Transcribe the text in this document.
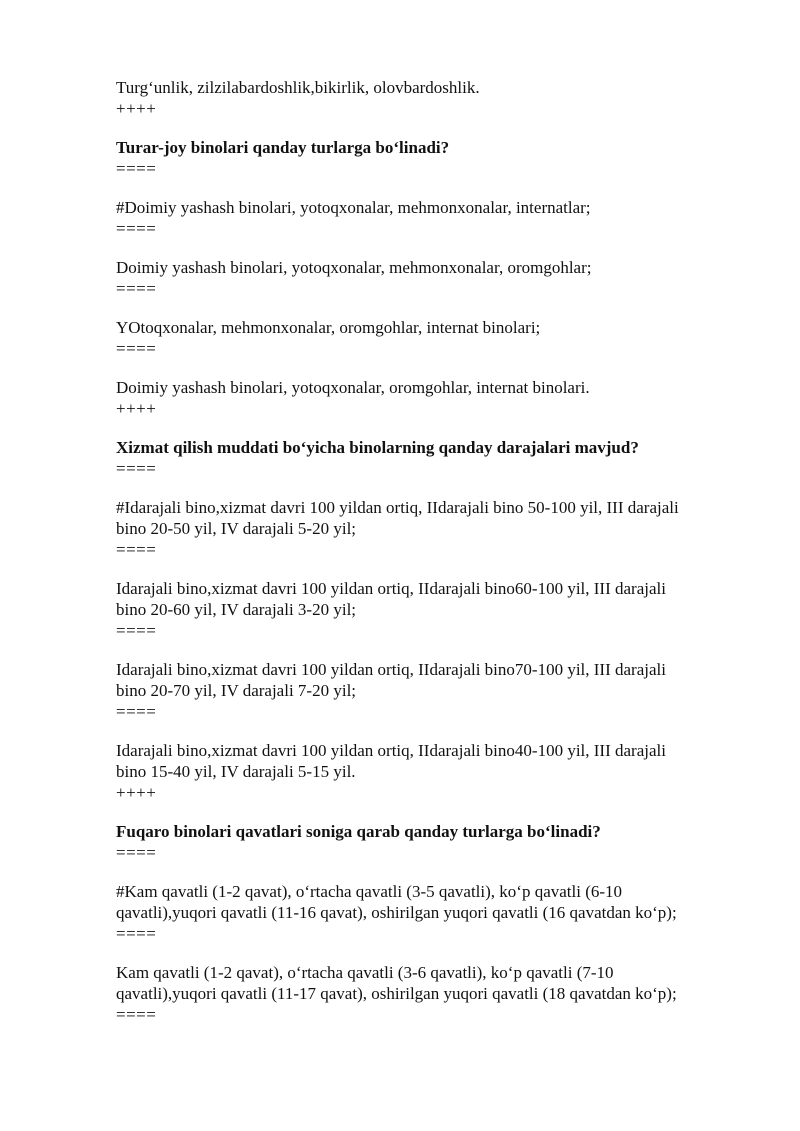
Turg‘unlik, zilzilabardoshlik,bikirlik, olovbardoshlik.
++++
Turar-joy binolari qanday turlarga bo‘linadi?
====
#Doimiy yashash binolari, yotoqxonalar, mehmonxonalar, internatlar;
====
Doimiy yashash binolari, yotoqxonalar, mehmonxonalar, oromgohlar;
====
YOtoqxonalar, mehmonxonalar, oromgohlar, internat binolari;
====
Doimiy yashash binolari, yotoqxonalar, oromgohlar, internat binolari.
++++
Xizmat qilish muddati bo‘yicha binolarning qanday darajalari mavjud?
====
#Idarajali bino,xizmat davri 100 yildan ortiq, IIdarajali bino 50-100 yil, III darajali
bino 20-50 yil, IV darajali 5-20 yil;
====
Idarajali bino,xizmat davri 100 yildan ortiq, IIdarajali bino60-100 yil, III darajali
bino 20-60 yil, IV darajali 3-20 yil;
====
Idarajali bino,xizmat davri 100 yildan ortiq, IIdarajali bino70-100 yil, III darajali
bino 20-70 yil, IV darajali 7-20 yil;
====
Idarajali bino,xizmat davri 100 yildan ortiq, IIdarajali bino40-100 yil, III darajali
bino 15-40 yil, IV darajali 5-15 yil.
++++
Fuqaro binolari qavatlari soniga qarab qanday turlarga bo‘linadi?
====
#Kam qavatli (1-2 qavat), o‘rtacha qavatli (3-5 qavatli), ko‘p qavatli (6-10
qavatli),yuqori qavatli (11-16 qavat), oshirilgan yuqori qavatli (16 qavatdan ko‘p);
====
Kam qavatli (1-2 qavat), o‘rtacha qavatli (3-6 qavatli), ko‘p qavatli (7-10
qavatli),yuqori qavatli (11-17 qavat), oshirilgan yuqori qavatli (18 qavatdan ko‘p);
====
